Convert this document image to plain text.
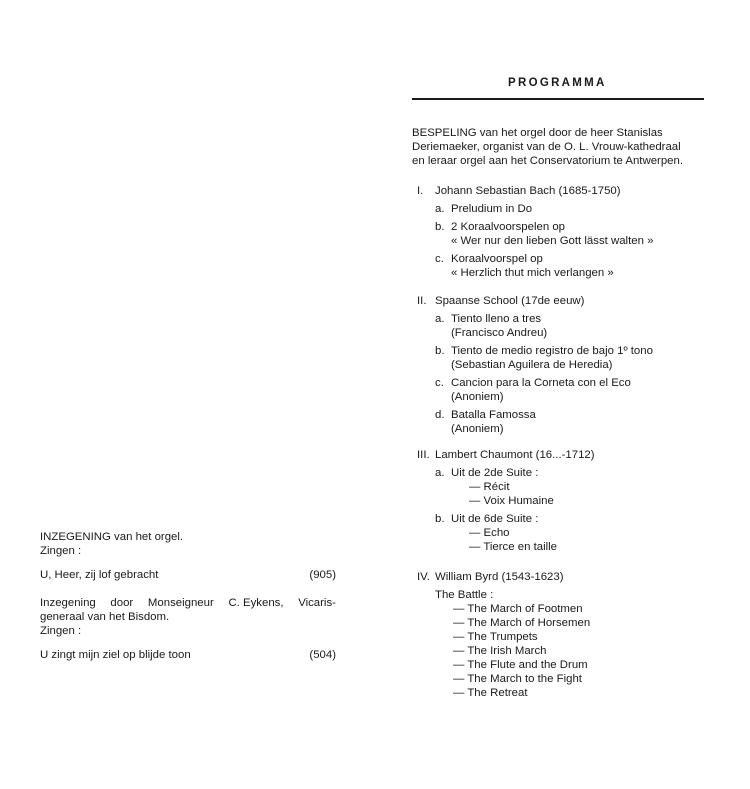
INZEGENING van het orgel.

Zingen :

U, Heer, zij lof gebracht	(905)
Inzegening door Monseigneur C. Eykens, Vicaris-
generaal van het Bisdom.

Zingen :

U zingt mijn ziel op blijde toon	(504)
PROGRAMMA
BESPELING van het orgel door de heer Stanislas
Deriemaeker, organist van de O. L. Vrouw-kathedraal
en leraar orgel aan het Conservatorium te Antwerpen.
I. Johann Sebastian Bach (1685-1750)
a. Preludium in Do
b. 2 Koraalvoorspelen op
« Wer nur den lieben Gott lässt walten »
c. Koraalvoorspel op
« Herzlich thut mich verlangen »
II. Spaanse School (17de eeuw)
a. Tiento lleno a tres
(Francisco Andreu)
b. Tiento de medio registro de bajo 1º tono
(Sebastian Aguilera de Heredia)
c. Cancion para la Corneta con el Eco
(Anoniem)
d. Batalla Famossa
(Anoniem)
III. Lambert Chaumont (16...-1712)
a. Uit de 2de Suite :
— Récit
— Voix Humaine
b. Uit de 6de Suite :
— Echo
— Tierce en taille
IV. William Byrd (1543-1623)
The Battle :
— The March of Footmen
— The March of Horsemen
— The Trumpets
— The Irish March
— The Flute and the Drum
— The March to the Fight
— The Retreat
